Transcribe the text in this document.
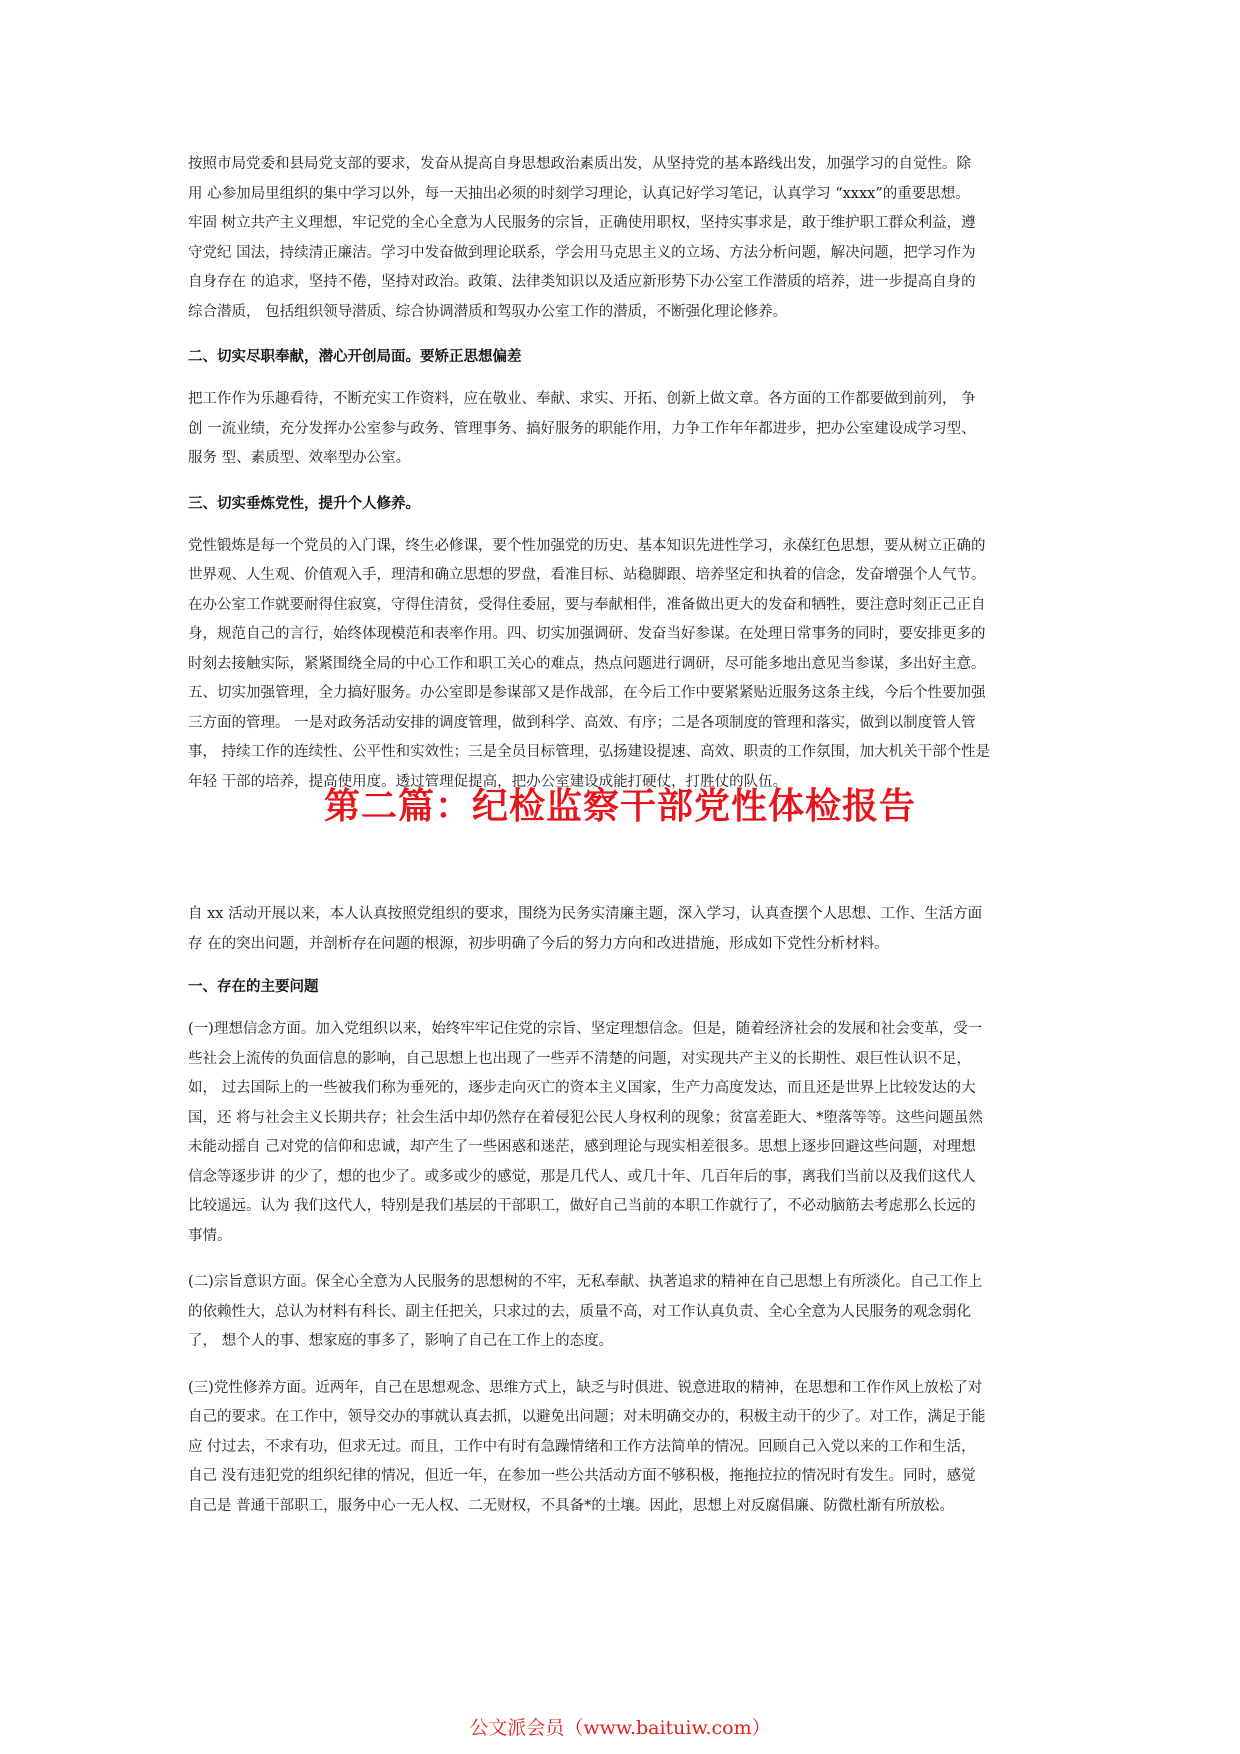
按照市局党委和县局党支部的要求，发奋从提高自身思想政治素质出发，从坚持党的基本路线出发，加强学习的自觉性。除
用 心参加局里组织的集中学习以外，每一天抽出必须的时刻学习理论，认真记好学习笔记，认真学习 “xxxx”的重要思想。
牢固 树立共产主义理想，牢记党的全心全意为人民服务的宗旨，正确使用职权，坚持实事求是，敢于维护职工群众利益，遵
守党纪 国法，持续清正廉洁。学习中发奋做到理论联系，学会用马克思主义的立场、方法分析问题，解决问题，把学习作为
自身存在 的追求，坚持不倦，坚持对政治。政策、法律类知识以及适应新形势下办公室工作潜质的培养，进一步提高自身的
综合潜质， 包括组织领导潜质、综合协调潜质和驾驭办公室工作的潜质，不断强化理论修养。

二、切实尽职奉献，潜心开创局面。要矫正思想偏差

把工作作为乐趣看待，不断充实工作资料，应在敬业、奉献、求实、开拓、创新上做文章。各方面的工作都要做到前列， 争
创 一流业绩，充分发挥办公室参与政务、管理事务、搞好服务的职能作用，力争工作年年都进步，把办公室建设成学习型、
服务 型、素质型、效率型办公室。

三、切实垂炼党性，提升个人修养。

党性锻炼是每一个党员的入门课，终生必修课，要个性加强党的历史、基本知识先进性学习，永葆红色思想，要从树立正确的
世界观、人生观、价值观入手，理清和确立思想的罗盘，看准目标、站稳脚跟、培养坚定和执着的信念，发奋增强个人气节。
在办公室工作就要耐得住寂寞，守得住清贫，受得住委屈，要与奉献相伴，准备做出更大的发奋和牺牲，要注意时刻正己正自
身，规范自己的言行，始终体现模范和表率作用。四、切实加强调研、发奋当好参谋。在处理日常事务的同时，要安排更多的
时刻去接触实际，紧紧围绕全局的中心工作和职工关心的难点，热点问题进行调研，尽可能多地出意见当参谋，多出好主意。
五、切实加强管理，全力搞好服务。办公室即是参谋部又是作战部，在今后工作中要紧紧贴近服务这条主线，今后个性要加强
三方面的管理。 一是对政务活动安排的调度管理，做到科学、高效、有序；二是各项制度的管理和落实，做到以制度管人管
事， 持续工作的连续性、公平性和实效性；三是全员目标管理，弘扬建设提速、高效、职责的工作氛围，加大机关干部个性是
年轻 干部的培养，提高使用度。透过管理促提高，把办公室建设成能打硬仗，打胜仗的队伍。

第二篇：纪检监察干部党性体检报告

自 xx 活动开展以来，本人认真按照党组织的要求，围绕为民务实清廉主题，深入学习，认真查摆个人思想、工作、生活方面
存 在的突出问题，并剖析存在问题的根源，初步明确了今后的努力方向和改进措施，形成如下党性分析材料。

一、存在的主要问题

(一)理想信念方面。加入党组织以来，始终牢牢记住党的宗旨、坚定理想信念。但是，随着经济社会的发展和社会变革，受一
些社会上流传的负面信息的影响，自己思想上也出现了一些弄不清楚的问题，对实现共产主义的长期性、艰巨性认识不足，
如， 过去国际上的一些被我们称为垂死的，逐步走向灭亡的资本主义国家，生产力高度发达，而且还是世界上比较发达的大
国，还 将与社会主义长期共存；社会生活中却仍然存在着侵犯公民人身权利的现象；贫富差距大、*堕落等等。这些问题虽然
未能动摇自 己对党的信仰和忠诚，却产生了一些困惑和迷茫，感到理论与现实相差很多。思想上逐步回避这些问题，对理想
信念等逐步讲 的少了，想的也少了。或多或少的感觉，那是几代人、或几十年、几百年后的事，离我们当前以及我们这代人
比较遥远。认为 我们这代人，特别是我们基层的干部职工，做好自己当前的本职工作就行了，不必动脑筋去考虑那么长远的
事情。

(二)宗旨意识方面。保全心全意为人民服务的思想树的不牢，无私奉献、执著追求的精神在自己思想上有所淡化。自己工作上
的依赖性大，总认为材料有科长、副主任把关，只求过的去，质量不高，对工作认真负责、全心全意为人民服务的观念弱化
了， 想个人的事、想家庭的事多了，影响了自己在工作上的态度。

(三)党性修养方面。近两年，自己在思想观念、思维方式上，缺乏与时俱进、锐意进取的精神，在思想和工作作风上放松了对
自己的要求。在工作中，领导交办的事就认真去抓，以避免出问题；对未明确交办的，积极主动干的少了。对工作，满足于能
应 付过去，不求有功，但求无过。而且，工作中有时有急躁情绪和工作方法简单的情况。回顾自己入党以来的工作和生活，
自己 没有违犯党的组织纪律的情况，但近一年，在参加一些公共活动方面不够积极，拖拖拉拉的情况时有发生。同时，感觉
自己是 普通干部职工，服务中心一无人权、二无财权，不具备*的土壤。因此，思想上对反腐倡廉、防微杜渐有所放松。

公文派会员（www.baituiw.com）
